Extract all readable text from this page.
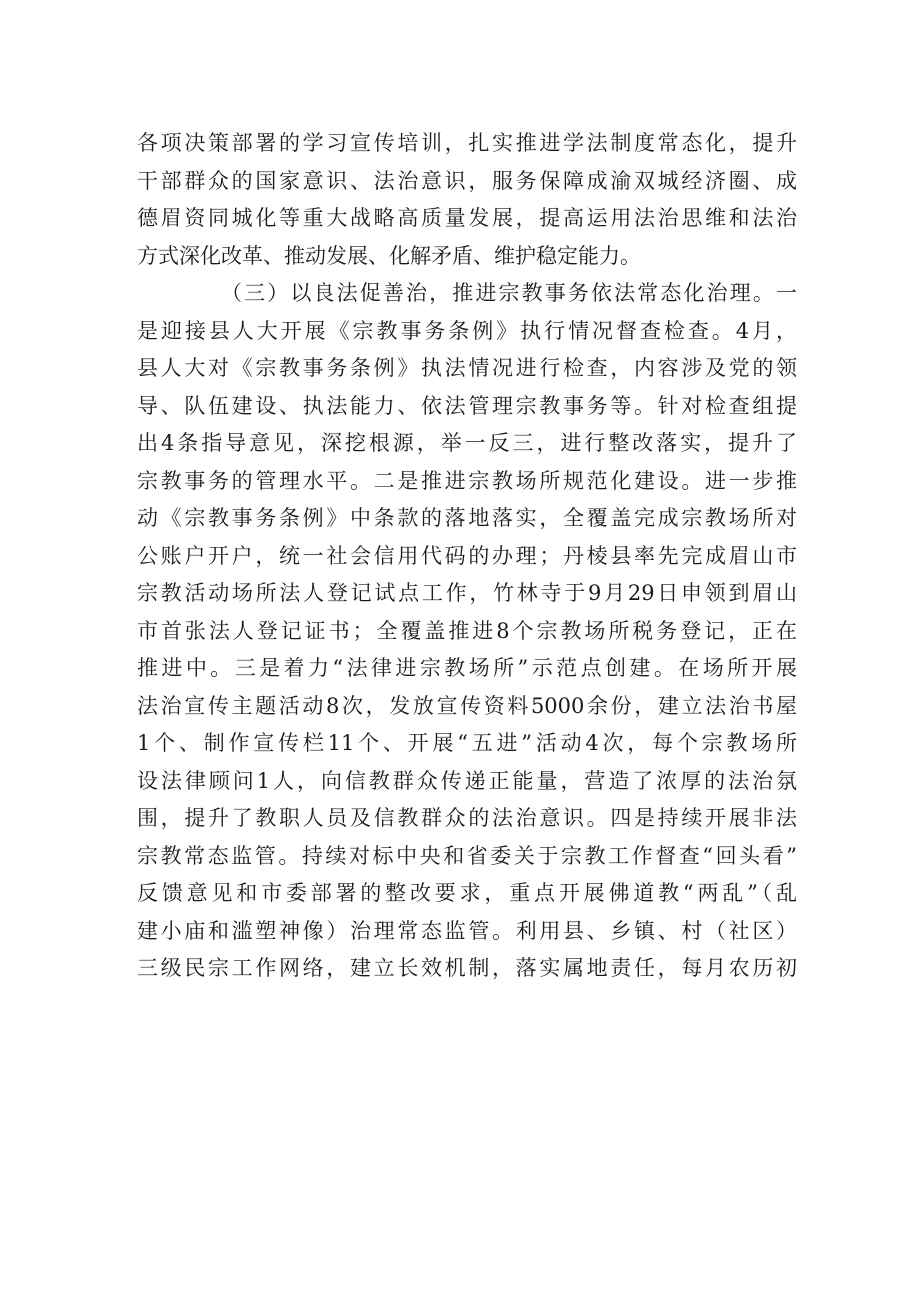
各项决策部署的学习宣传培训，扎实推进学法制度常态化，提升
干部群众的国家意识、法治意识，服务保障成渝双城经济圈、成
德眉资同城化等重大战略高质量发展，提高运用法治思维和法治
方式深化改革、推动发展、化解矛盾、维护稳定能力。
（三）以良法促善治，推进宗教事务依法常态化治理。一
是迎接县人大开展《宗教事务条例》执行情况督查检查。4月，
县人大对《宗教事务条例》执法情况进行检查，内容涉及党的领
导、队伍建设、执法能力、依法管理宗教事务等。针对检查组提
出4条指导意见，深挖根源，举一反三，进行整改落实，提升了
宗教事务的管理水平。二是推进宗教场所规范化建设。进一步推
动《宗教事务条例》中条款的落地落实，全覆盖完成宗教场所对
公账户开户，统一社会信用代码的办理；丹棱县率先完成眉山市
宗教活动场所法人登记试点工作，竹林寺于9月29日申领到眉山
市首张法人登记证书；全覆盖推进8个宗教场所税务登记，正在
推进中。三是着力“法律进宗教场所”示范点创建。在场所开展
法治宣传主题活动8次，发放宣传资料5000余份，建立法治书屋
1个、制作宣传栏11个、开展“五进”活动4次，每个宗教场所
设法律顾问1人，向信教群众传递正能量，营造了浓厚的法治氛
围，提升了教职人员及信教群众的法治意识。四是持续开展非法
宗教常态监管。持续对标中央和省委关于宗教工作督查“回头看”
反馈意见和市委部署的整改要求，重点开展佛道教“两乱”（乱
建小庙和滥塑神像）治理常态监管。利用县、乡镇、村（社区）
三级民宗工作网络，建立长效机制，落实属地责任，每月农历初
